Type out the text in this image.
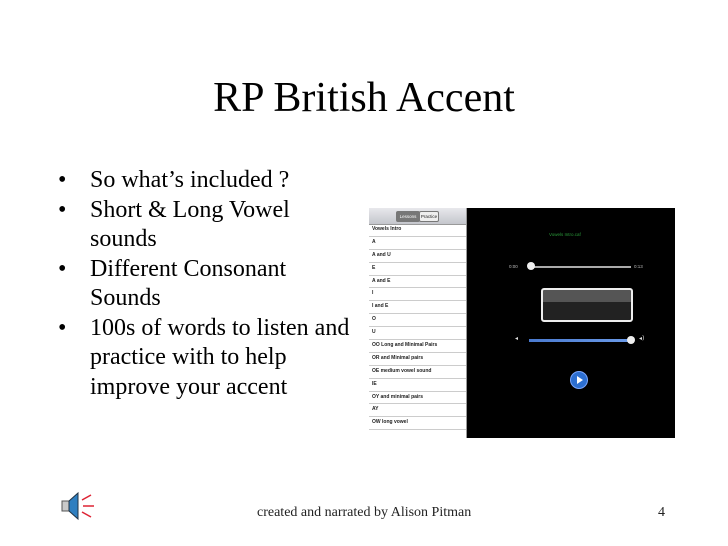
RP British Accent
• So what’s included ?
• Short & Long Vowel sounds
• Different Consonant Sounds
• 100s of words to listen and practice with to help improve your accent
Lessons Practice
Vowels Intro
A
A and U
E
A and E
I
I and E
O
U
OO Long and Minimal Pairs
OR and Minimal pairs
OE medium vowel sound
IE
OY and minimal pairs
AY
OW long vowel
Vowels Intro.caf
0:00	0:13
◂	◂)
created and narrated by Alison Pitman	4
